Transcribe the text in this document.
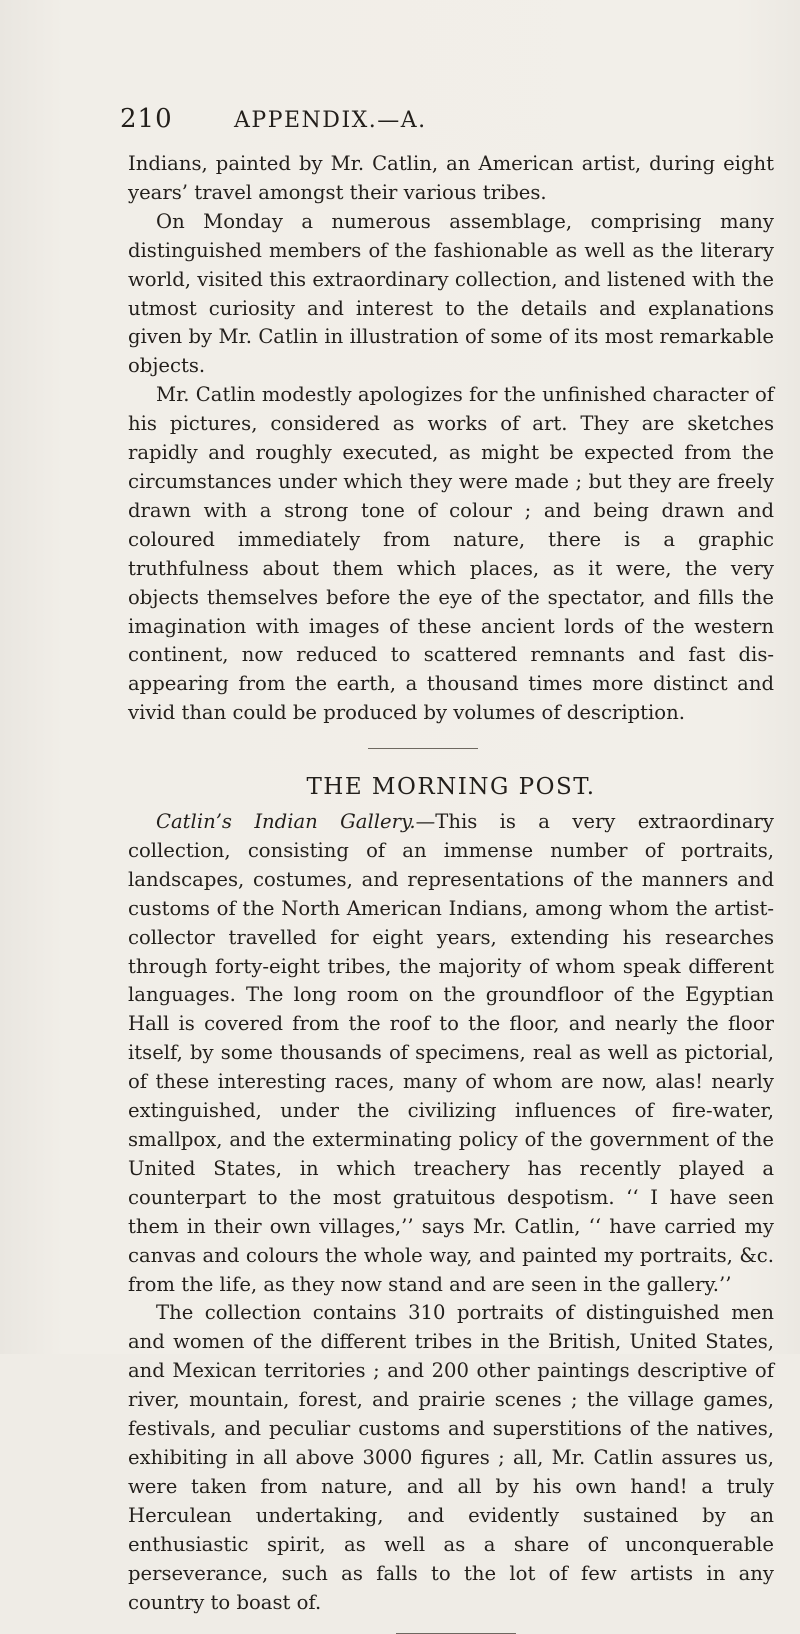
210	APPENDIX.—A.

Indians, painted by Mr. Catlin, an American artist, during eight years’ travel amongst their various tribes.

On Monday a numerous assemblage, comprising many distinguished members of the fashionable as well as the literary world, visited this extraordinary collection, and listened with the utmost curiosity and interest to the details and explanations given by Mr. Catlin in illustration of some of its most remarkable objects.

Mr. Catlin modestly apologizes for the unfinished character of his pictures, considered as works of art. They are sketches rapidly and roughly executed, as might be expected from the circumstances under which they were made ; but they are freely drawn with a strong tone of colour ; and being drawn and coloured immediately from nature, there is a graphic truthfulness about them which places, as it were, the very objects themselves before the eye of the spectator, and fills the imagination with images of these ancient lords of the western continent, now reduced to scattered remnants and fast disappearing from the earth, a thousand times more distinct and vivid than could be produced by volumes of description.

THE MORNING POST.

Catlin’s Indian Gallery.—This is a very extraordinary collection, consisting of an immense number of portraits, landscapes, costumes, and representations of the manners and customs of the North American Indians, among whom the artist-collector travelled for eight years, extending his researches through forty-eight tribes, the majority of whom speak different languages. The long room on the groundfloor of the Egyptian Hall is covered from the roof to the floor, and nearly the floor itself, by some thousands of specimens, real as well as pictorial, of these interesting races, many of whom are now, alas! nearly extinguished, under the civilizing influences of fire-water, smallpox, and the exterminating policy of the government of the United States, in which treachery has recently played a counterpart to the most gratuitous despotism. ‘‘ I have seen them in their own villages,’’ says Mr. Catlin, ‘‘ have carried my canvas and colours the whole way, and painted my portraits, &c. from the life, as they now stand and are seen in the gallery.’’

The collection contains 310 portraits of distinguished men and women of the different tribes in the British, United States, and Mexican territories ; and 200 other paintings descriptive of river, mountain, forest, and prairie scenes ; the village games, festivals, and peculiar customs and superstitions of the natives, exhibiting in all above 3000 figures ; all, Mr. Catlin assures us, were taken from nature, and all by his own hand! a truly Herculean undertaking, and evidently sustained by an enthusiastic spirit, as well as a share of unconquerable perseverance, such as falls to the lot of few artists in any country to boast of.
